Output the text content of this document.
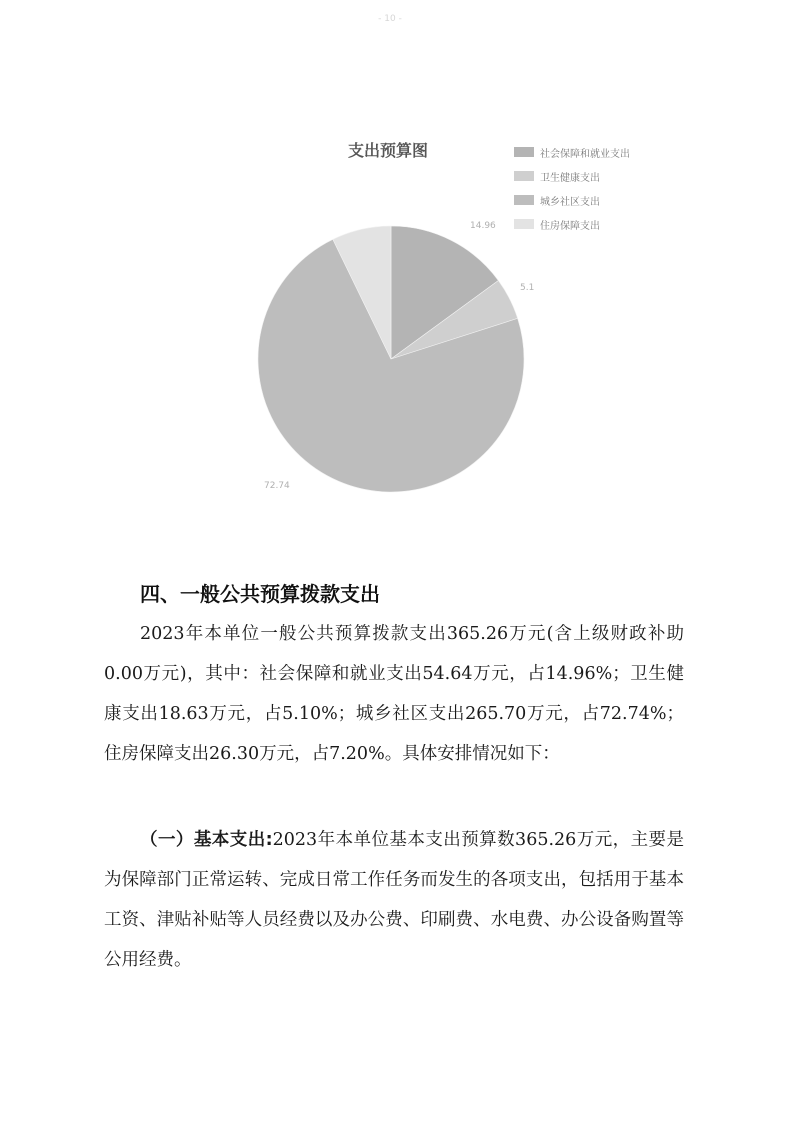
- 10 -
支出预算图	社会保障和就业支出
卫生健康支出
城乡社区支出
住房保障支出
14.96
5.1
72.74
四、一般公共预算拨款支出

2023年本单位一般公共预算拨款支出365.26万元(含上级财政补助0.00万元)，其中：社会保障和就业支出54.64万元，占14.96%；卫生健康支出18.63万元，占5.10%；城乡社区支出265.70万元，占72.74%；住房保障支出26.30万元，占7.20%。具体安排情况如下：

（一）基本支出:2023年本单位基本支出预算数365.26万元，主要是为保障部门正常运转、完成日常工作任务而发生的各项支出，包括用于基本工资、津贴补贴等人员经费以及办公费、印刷费、水电费、办公设备购置等公用经费。
